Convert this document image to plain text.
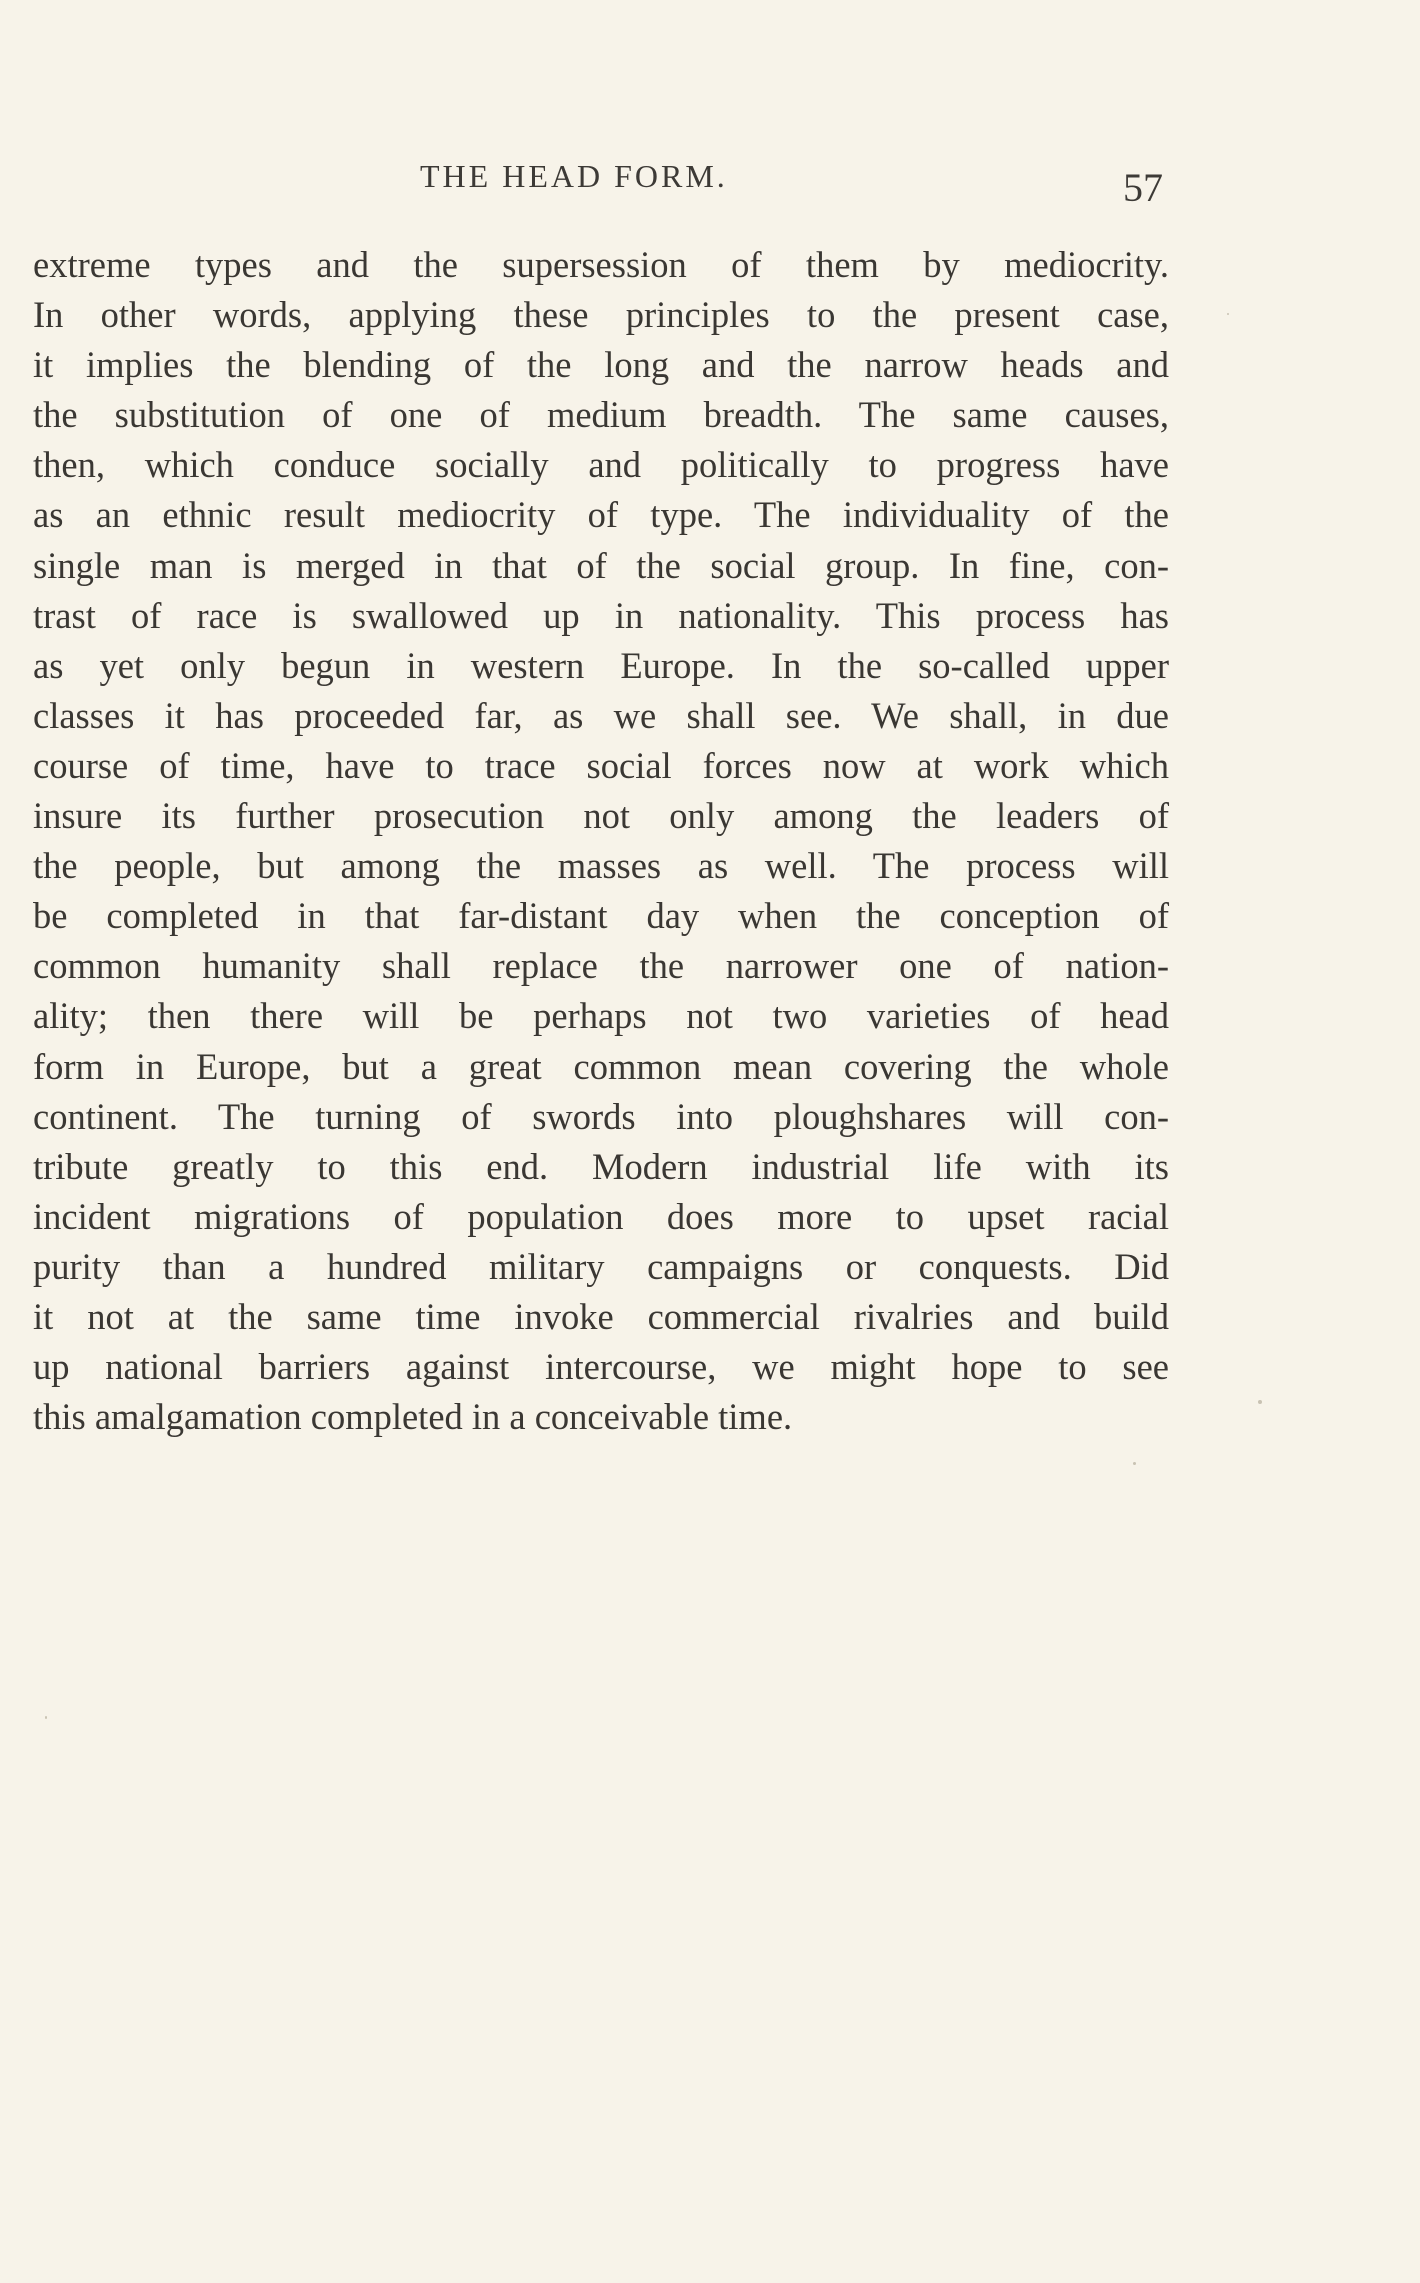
THE HEAD FORM.	57
extreme types and the supersession of them by mediocrity.
In other words, applying these principles to the present case,
it implies the blending of the long and the narrow heads and
the substitution of one of medium breadth. The same causes,
then, which conduce socially and politically to progress have
as an ethnic result mediocrity of type. The individuality of the
single man is merged in that of the social group. In fine, con-
trast of race is swallowed up in nationality. This process has
as yet only begun in western Europe. In the so-called upper
classes it has proceeded far, as we shall see. We shall, in due
course of time, have to trace social forces now at work which
insure its further prosecution not only among the leaders of
the people, but among the masses as well. The process will
be completed in that far-distant day when the conception of
common humanity shall replace the narrower one of nation-
ality; then there will be perhaps not two varieties of head
form in Europe, but a great common mean covering the whole
continent. The turning of swords into ploughshares will con-
tribute greatly to this end. Modern industrial life with its
incident migrations of population does more to upset racial
purity than a hundred military campaigns or conquests. Did
it not at the same time invoke commercial rivalries and build
up national barriers against intercourse, we might hope to see
this amalgamation completed in a conceivable time.
